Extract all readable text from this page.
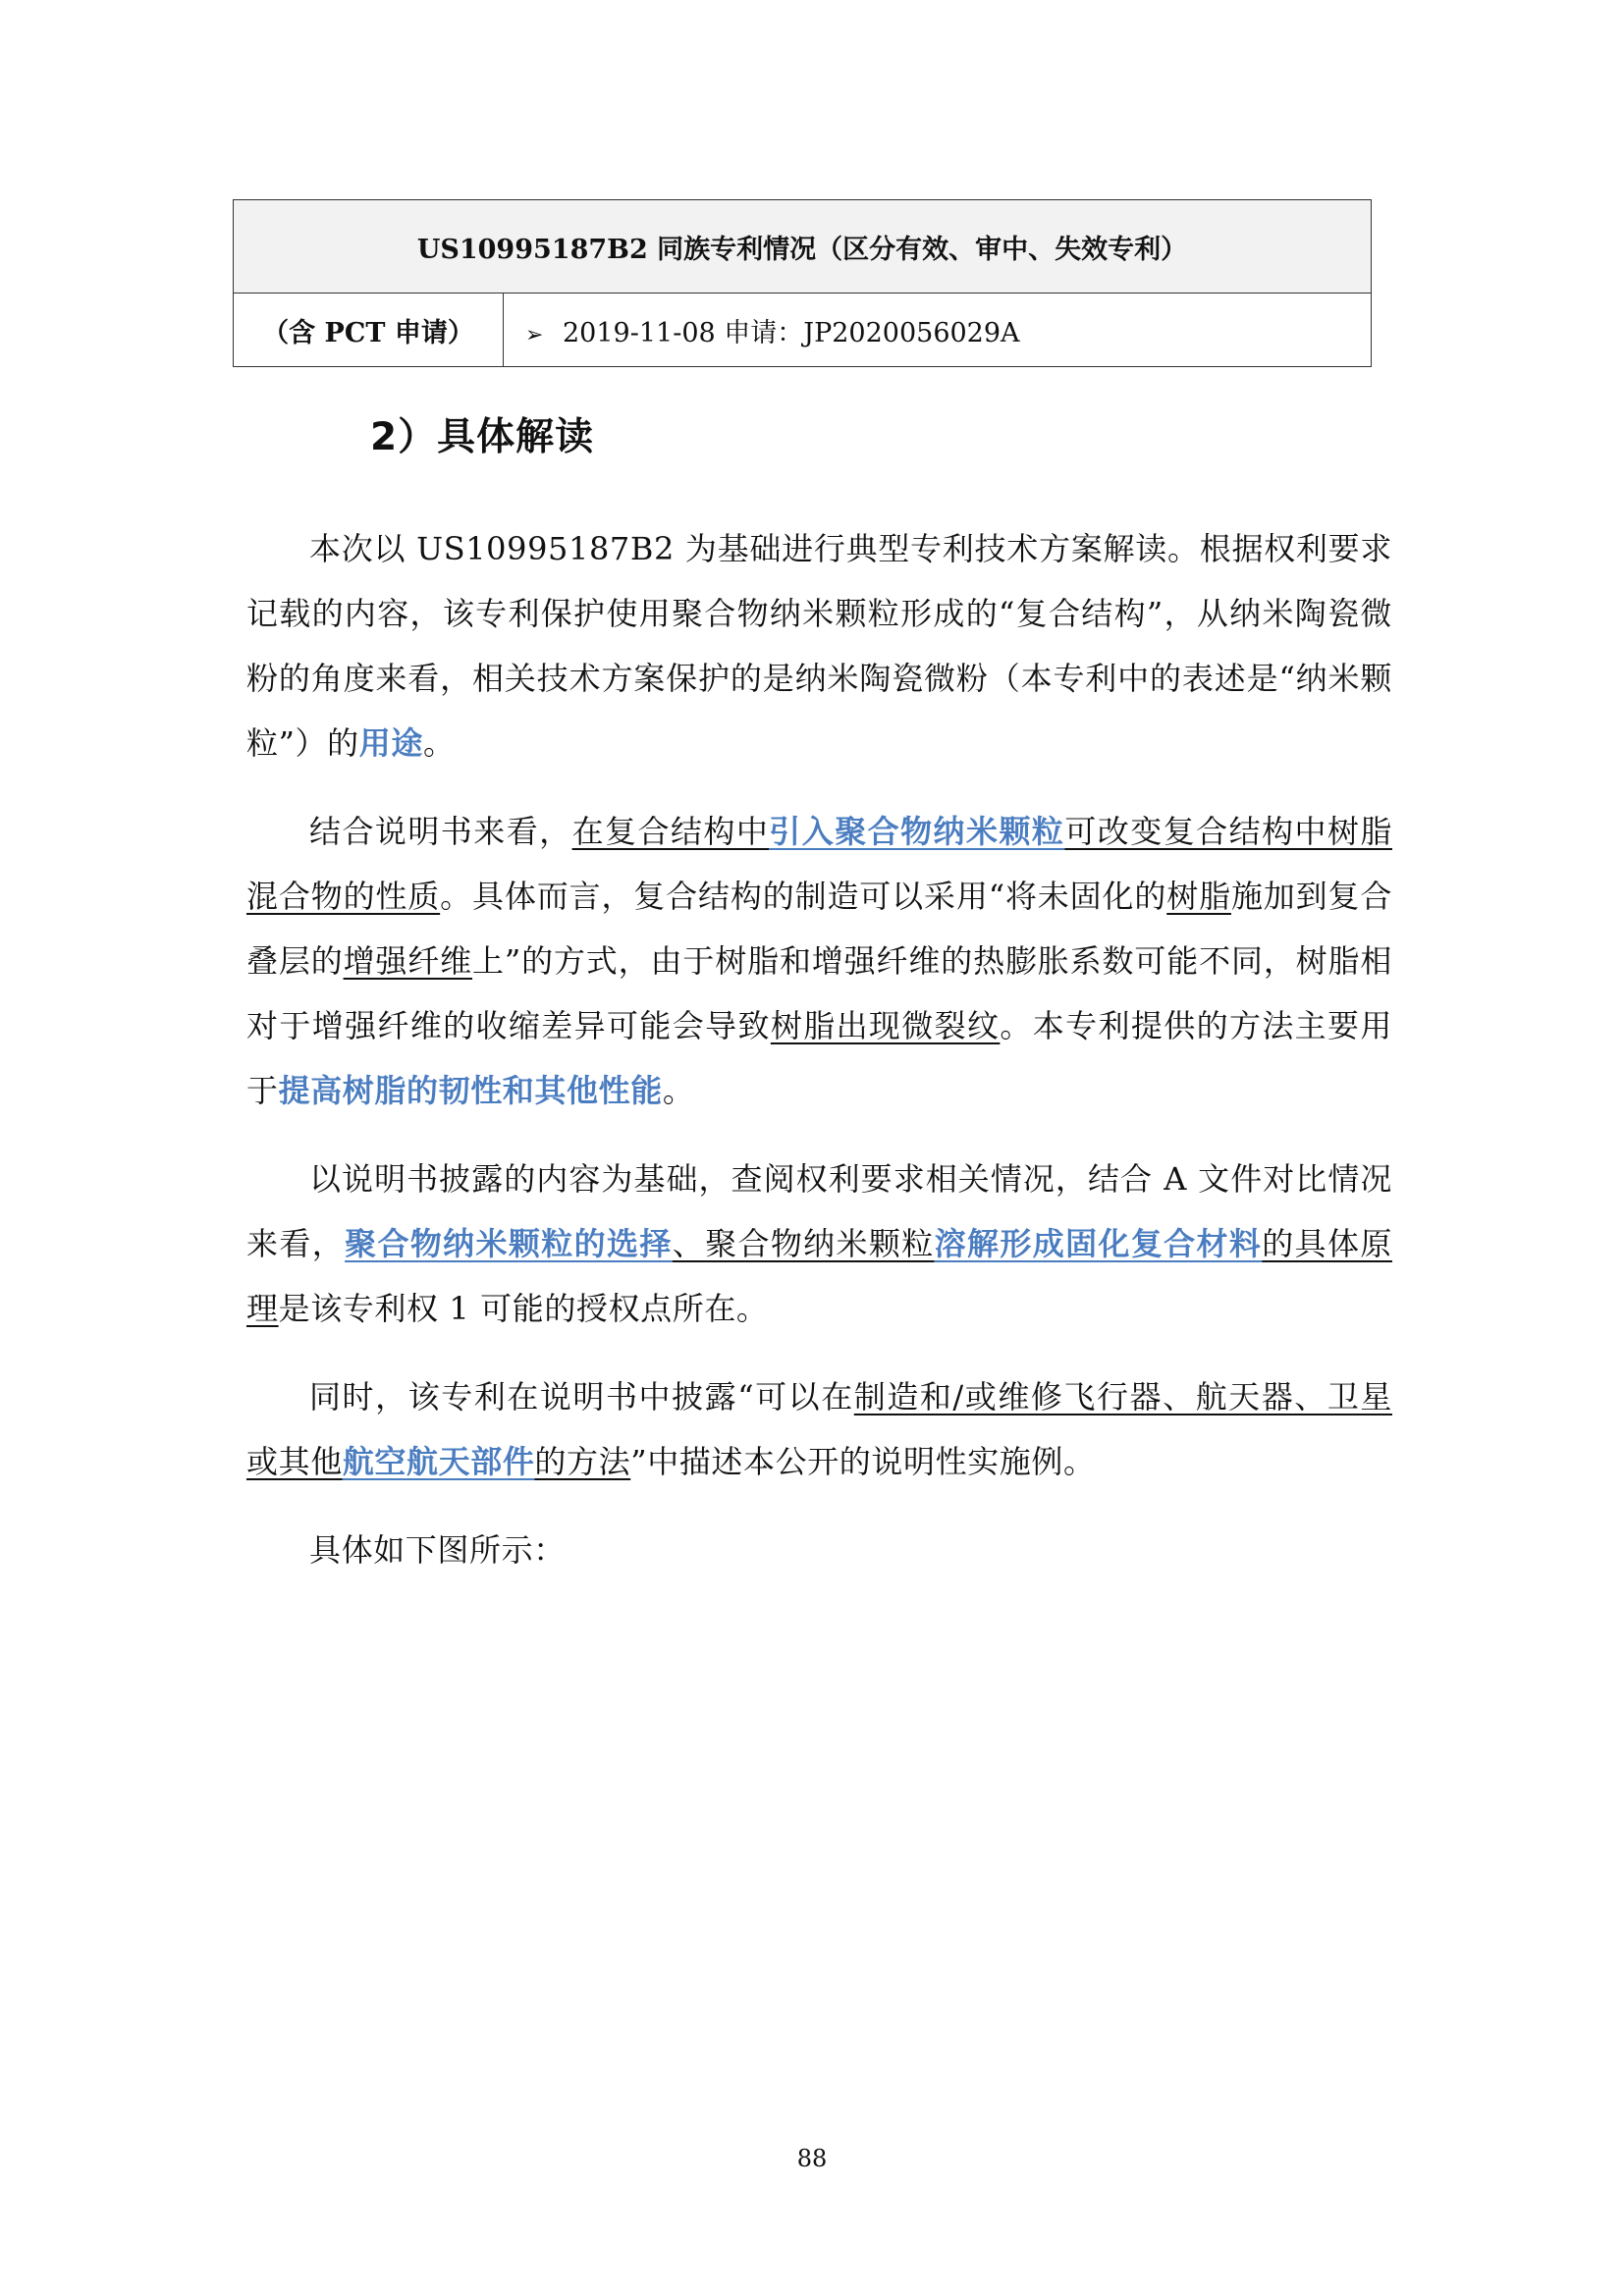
US10995187B2 同族专利情况（区分有效、审中、失效专利）
（含 PCT 申请）	➢ 2019-11-08 申请：JP2020056029A
2）具体解读

本次以 US10995187B2 为基础进行典型专利技术方案解读。根据权利要求记载的内容，该专利保护使用聚合物纳米颗粒形成的“复合结构”，从纳米陶瓷微粉的角度来看，相关技术方案保护的是纳米陶瓷微粉（本专利中的表述是“纳米颗粒”）的用途。

结合说明书来看，在复合结构中引入聚合物纳米颗粒可改变复合结构中树脂混合物的性质。具体而言，复合结构的制造可以采用“将未固化的树脂施加到复合叠层的增强纤维上”的方式，由于树脂和增强纤维的热膨胀系数可能不同，树脂相对于增强纤维的收缩差异可能会导致树脂出现微裂纹。本专利提供的方法主要用于提高树脂的韧性和其他性能。

以说明书披露的内容为基础，查阅权利要求相关情况，结合 A 文件对比情况来看，聚合物纳米颗粒的选择、聚合物纳米颗粒溶解形成固化复合材料的具体原理是该专利权 1 可能的授权点所在。

同时，该专利在说明书中披露“可以在制造和/或维修飞行器、航天器、卫星或其他航空航天部件的方法”中描述本公开的说明性实施例。

具体如下图所示：

88
